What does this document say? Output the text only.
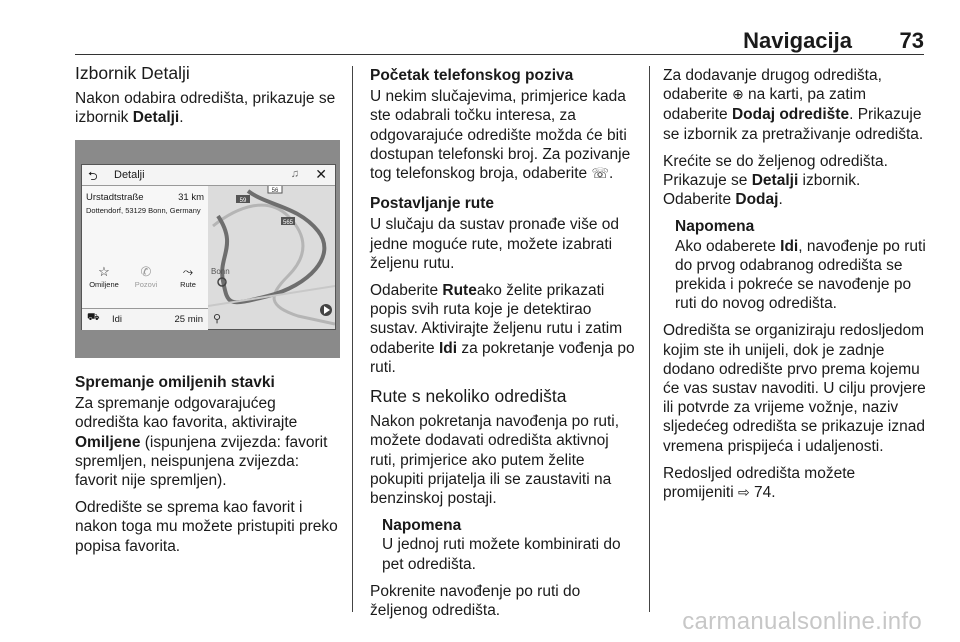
Navigacija 73
Izbornik Detalji

Nakon odabira odredišta, prikazuje se izbornik Detalji.

⮌ Detalji	♫ ✕
Urstadtstraße	31 km
Dottendorf, 53129 Bonn, Germany
☆
Omiljene
✆
Pozovi
⤳
Rute
59
56
565
Bonn
⛟ Idi	25 min ⚲
Spremanje omiljenih stavki

Za spremanje odgovarajućeg odredišta kao favorita, aktivirajte Omiljene (ispunjena zvijezda: favorit spremljen, neispunjena zvijezda: favorit nije spremljen).

Odredište se sprema kao favorit i nakon toga mu možete pristupiti preko popisa favorita.

Početak telefonskog poziva

U nekim slučajevima, primjerice kada ste odabrali točku interesa, za odgovarajuće odredište možda će biti dostupan telefonski broj. Za pozivanje tog telefonskog broja, odaberite ☏.

Postavljanje rute

U slučaju da sustav pronađe više od jedne moguće rute, možete izabrati željenu rutu.

Odaberite Ruteako želite prikazati popis svih ruta koje je detektirao sustav. Aktivirajte željenu rutu i zatim odaberite Idi za pokretanje vođenja po ruti.

Rute s nekoliko odredišta

Nakon pokretanja navođenja po ruti, možete dodavati odredišta aktivnoj ruti, primjerice ako putem želite pokupiti prijatelja ili se zaustaviti na benzinskoj postaji.

Napomena
U jednoj ruti možete kombinirati do pet odredišta.

Pokrenite navođenje po ruti do željenog odredišta.

Za dodavanje drugog odredišta, odaberite ⊕ na karti, pa zatim odaberite Dodaj odredište. Prikazuje se izbornik za pretraživanje odredišta.

Krećite se do željenog odredišta. Prikazuje se Detalji izbornik. Odaberite Dodaj.

Napomena
Ako odaberete Idi, navođenje po ruti do prvog odabranog odredišta se prekida i pokreće se navođenje po ruti do novog odredišta.

Odredišta se organiziraju redosljedom kojim ste ih unijeli, dok je zadnje dodano odredište prvo prema kojemu će vas sustav navoditi. U cilju provjere ili potvrde za vrijeme vožnje, naziv sljedećeg odredišta se prikazuje iznad vremena prispijeća i udaljenosti.

Redosljed odredišta možete promijeniti ⇨ 74.

carmanualsonline.info
